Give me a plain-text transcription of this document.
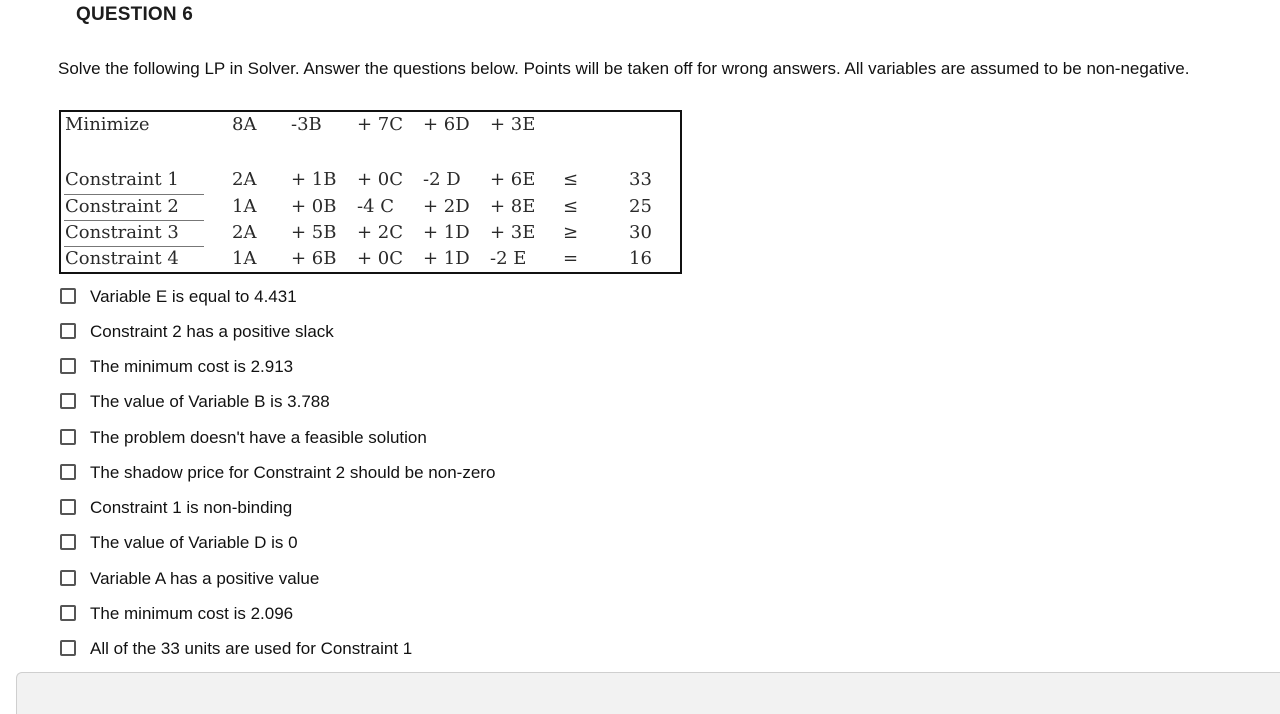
QUESTION 6
Solve the following LP in Solver. Answer the questions below. Points will be taken off for wrong answers. All variables are assumed to be non-negative.
Minimize	8A -3B + 7C + 6D + 3E
Constraint 1	2A + 1B + 0C -2 D + 6E ≤	33
Constraint 2	1A + 0B -4 C + 2D + 8E ≤	25
Constraint 3	2A + 5B + 2C + 1D + 3E ≥	30
Constraint 4	1A + 6B + 0C + 1D -2 E =	16
Variable E is equal to 4.431
Constraint 2 has a positive slack
The minimum cost is 2.913
The value of Variable B is 3.788
The problem doesn't have a feasible solution
The shadow price for Constraint 2 should be non-zero
Constraint 1 is non-binding
The value of Variable D is 0
Variable A has a positive value
The minimum cost is 2.096
All of the 33 units are used for Constraint 1
